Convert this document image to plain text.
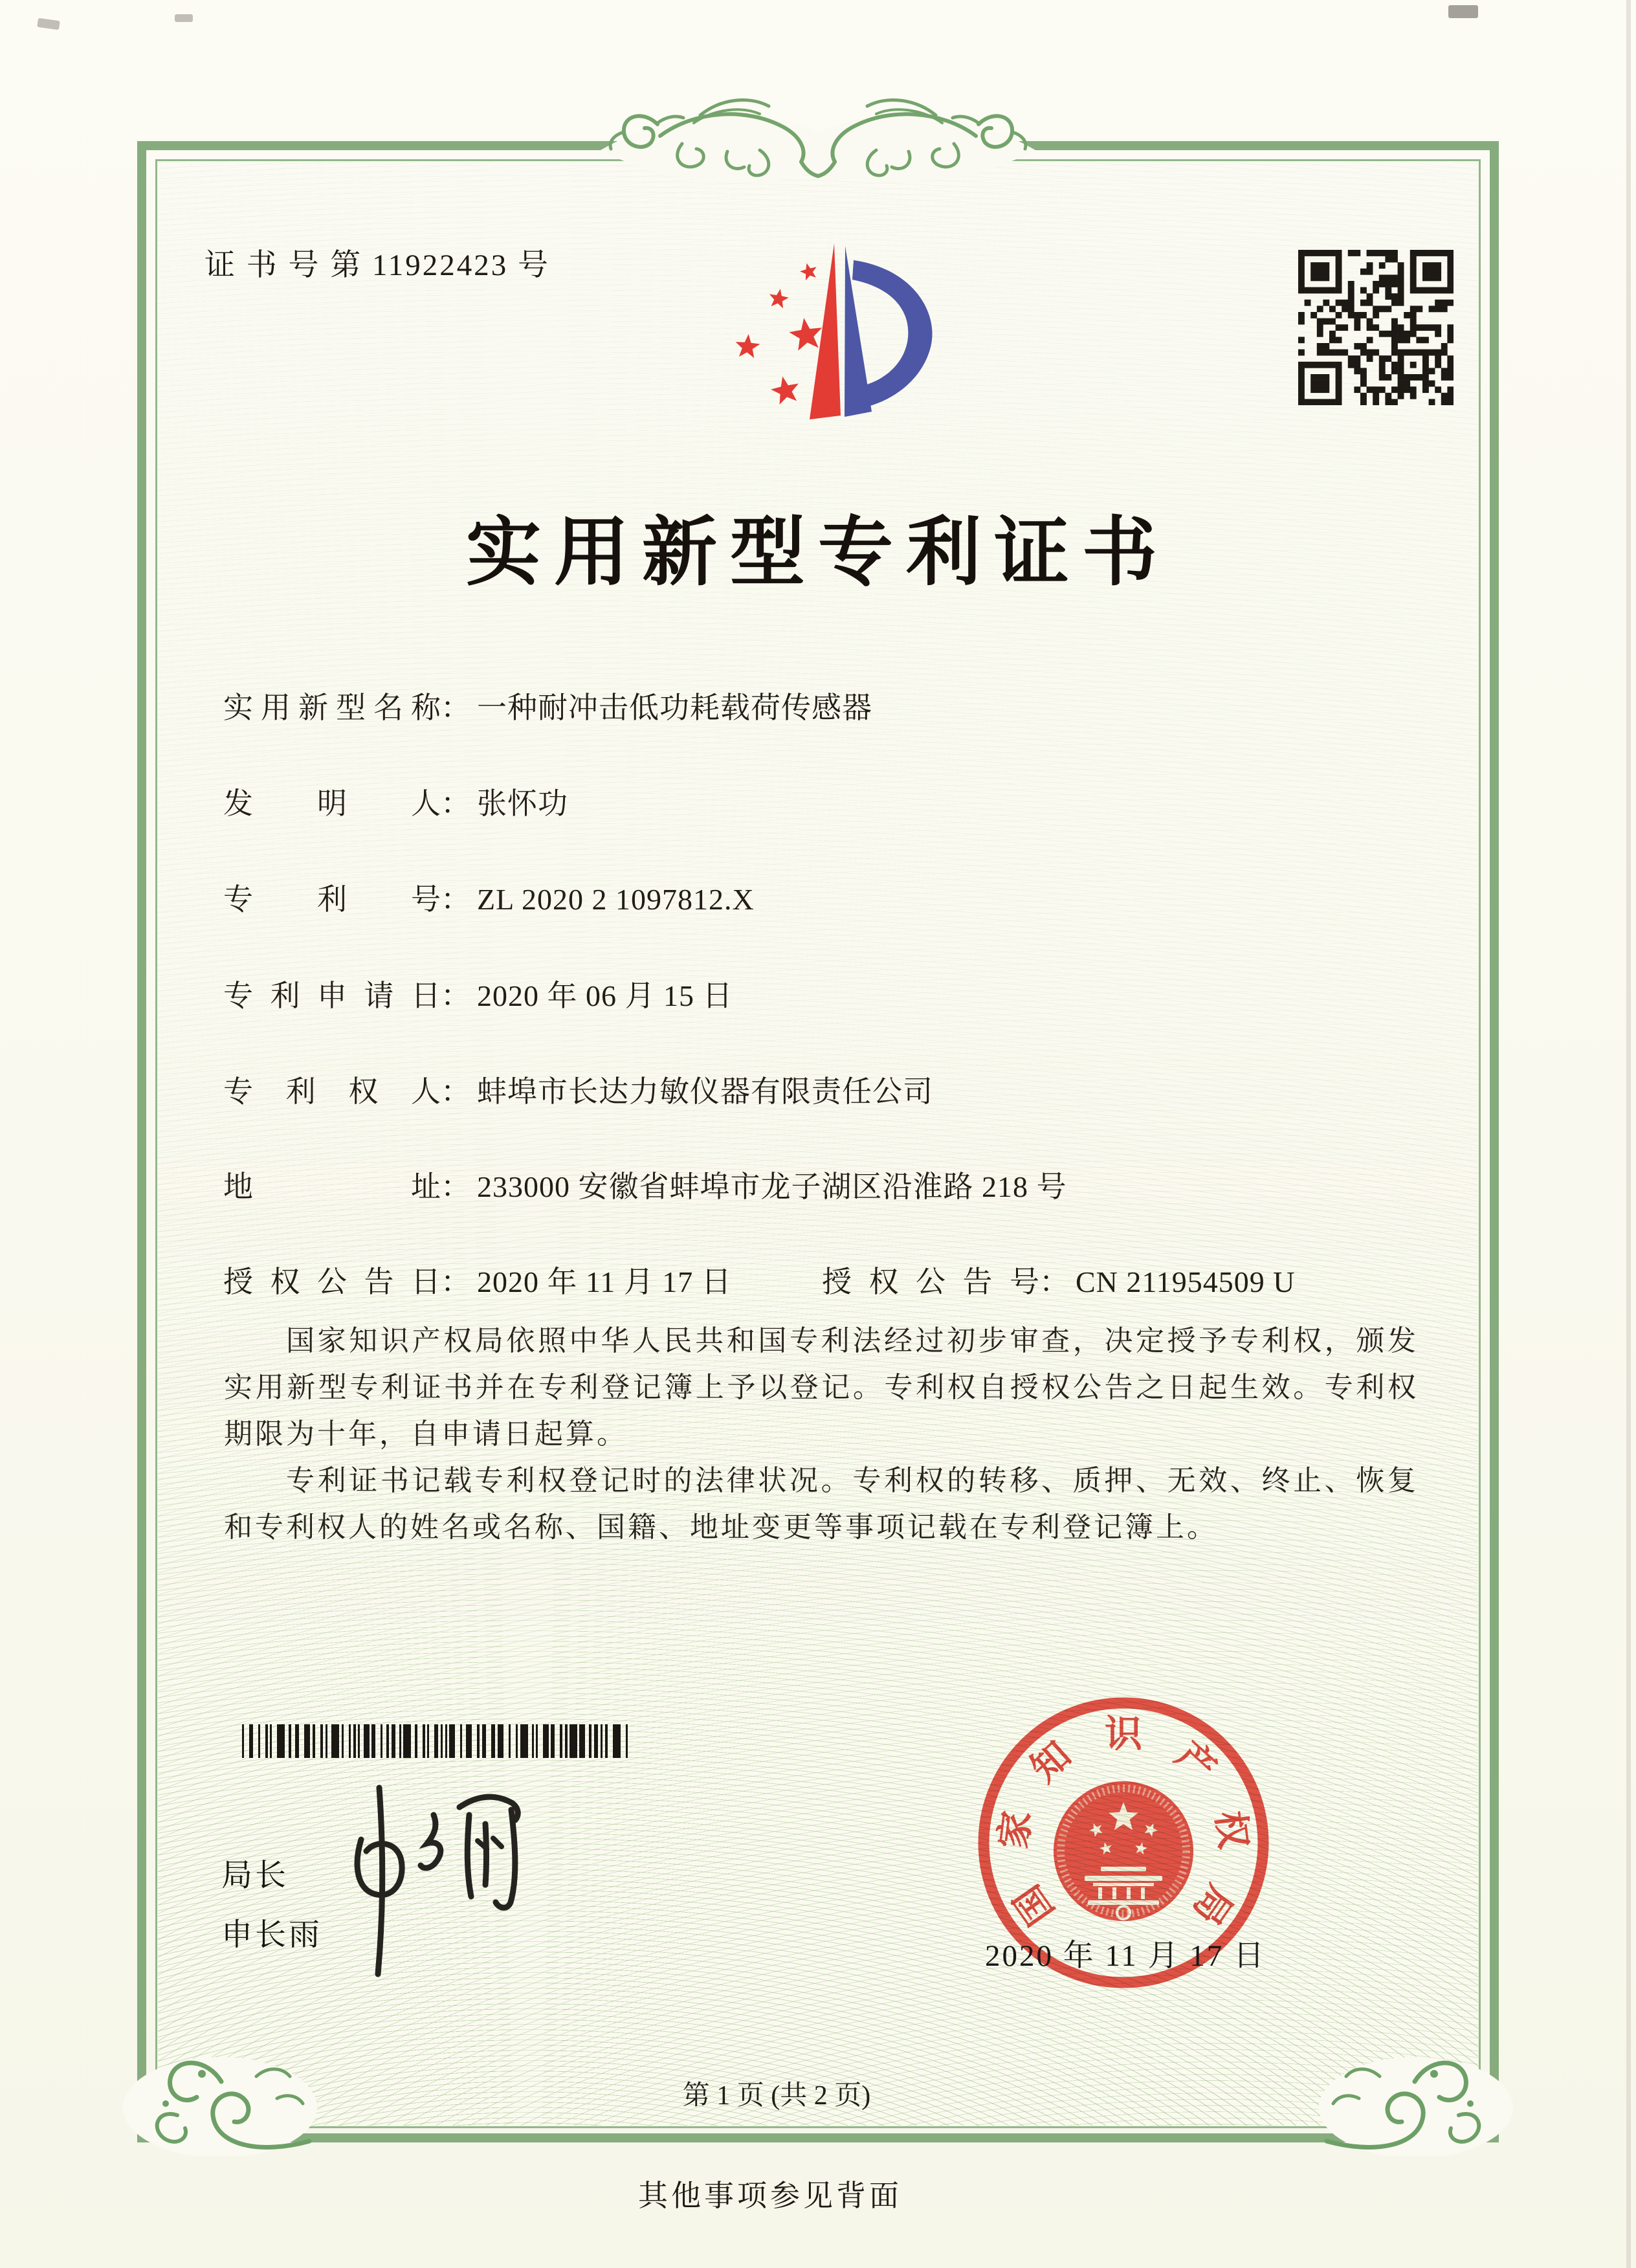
证 书 号 第 11922423 号
实用新型专利证书
实用新型名称： 一种耐冲击低功耗载荷传感器
发明人： 张怀功
专利号： ZL 2020 2 1097812.X
专利申请日： 2020 年 06 月 15 日
专利权人： 蚌埠市长达力敏仪器有限责任公司
地址： 233000 安徽省蚌埠市龙子湖区沿淮路 218 号
授权公告日： 2020 年 11 月 17 日	授权公告号： CN 211954509 U

国家知识产权局依照中华人民共和国专利法经过初步审查，决定授予专利权，颁发实用新型专利证书并在专利登记簿上予以登记。专利权自授权公告之日起生效。专利权期限为十年，自申请日起算。

专利证书记载专利权登记时的法律状况。专利权的转移、质押、无效、终止、恢复和专利权人的姓名或名称、国籍、地址变更等事项记载在专利登记簿上。

局长
申长雨
国
家
知 识 产
权
局
2020 年 11 月 17 日
第 1 页 (共 2 页)
其他事项参见背面
